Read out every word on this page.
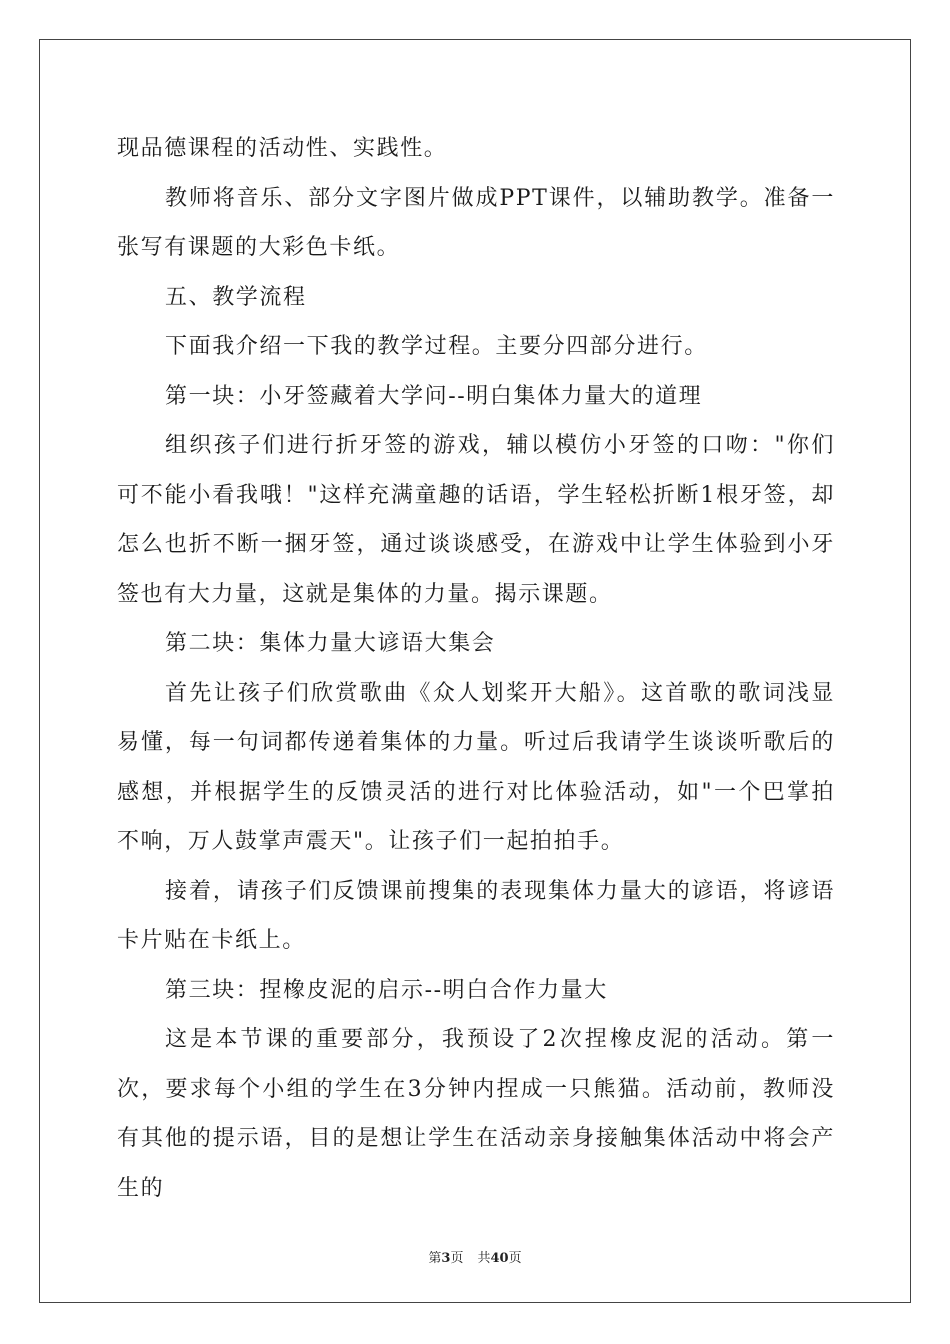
现品德课程的活动性、实践性。

教师将音乐、部分文字图片做成PPT课件，以辅助教学。准备一张写有课题的大彩色卡纸。

五、教学流程

下面我介绍一下我的教学过程。主要分四部分进行。

第一块：小牙签藏着大学问--明白集体力量大的道理

组织孩子们进行折牙签的游戏，辅以模仿小牙签的口吻："你们可不能小看我哦！"这样充满童趣的话语，学生轻松折断1根牙签，却怎么也折不断一捆牙签，通过谈谈感受，在游戏中让学生体验到小牙签也有大力量，这就是集体的力量。揭示课题。

第二块：集体力量大谚语大集会

首先让孩子们欣赏歌曲《众人划桨开大船》。这首歌的歌词浅显易懂，每一句词都传递着集体的力量。听过后我请学生谈谈听歌后的感想，并根据学生的反馈灵活的进行对比体验活动，如"一个巴掌拍不响，万人鼓掌声震天"。让孩子们一起拍拍手。

接着，请孩子们反馈课前搜集的表现集体力量大的谚语，将谚语卡片贴在卡纸上。

第三块：捏橡皮泥的启示--明白合作力量大

这是本节课的重要部分，我预设了2次捏橡皮泥的活动。第一次，要求每个小组的学生在3分钟内捏成一只熊猫。活动前，教师没有其他的提示语，目的是想让学生在活动亲身接触集体活动中将会产生的

第3页 共40页
